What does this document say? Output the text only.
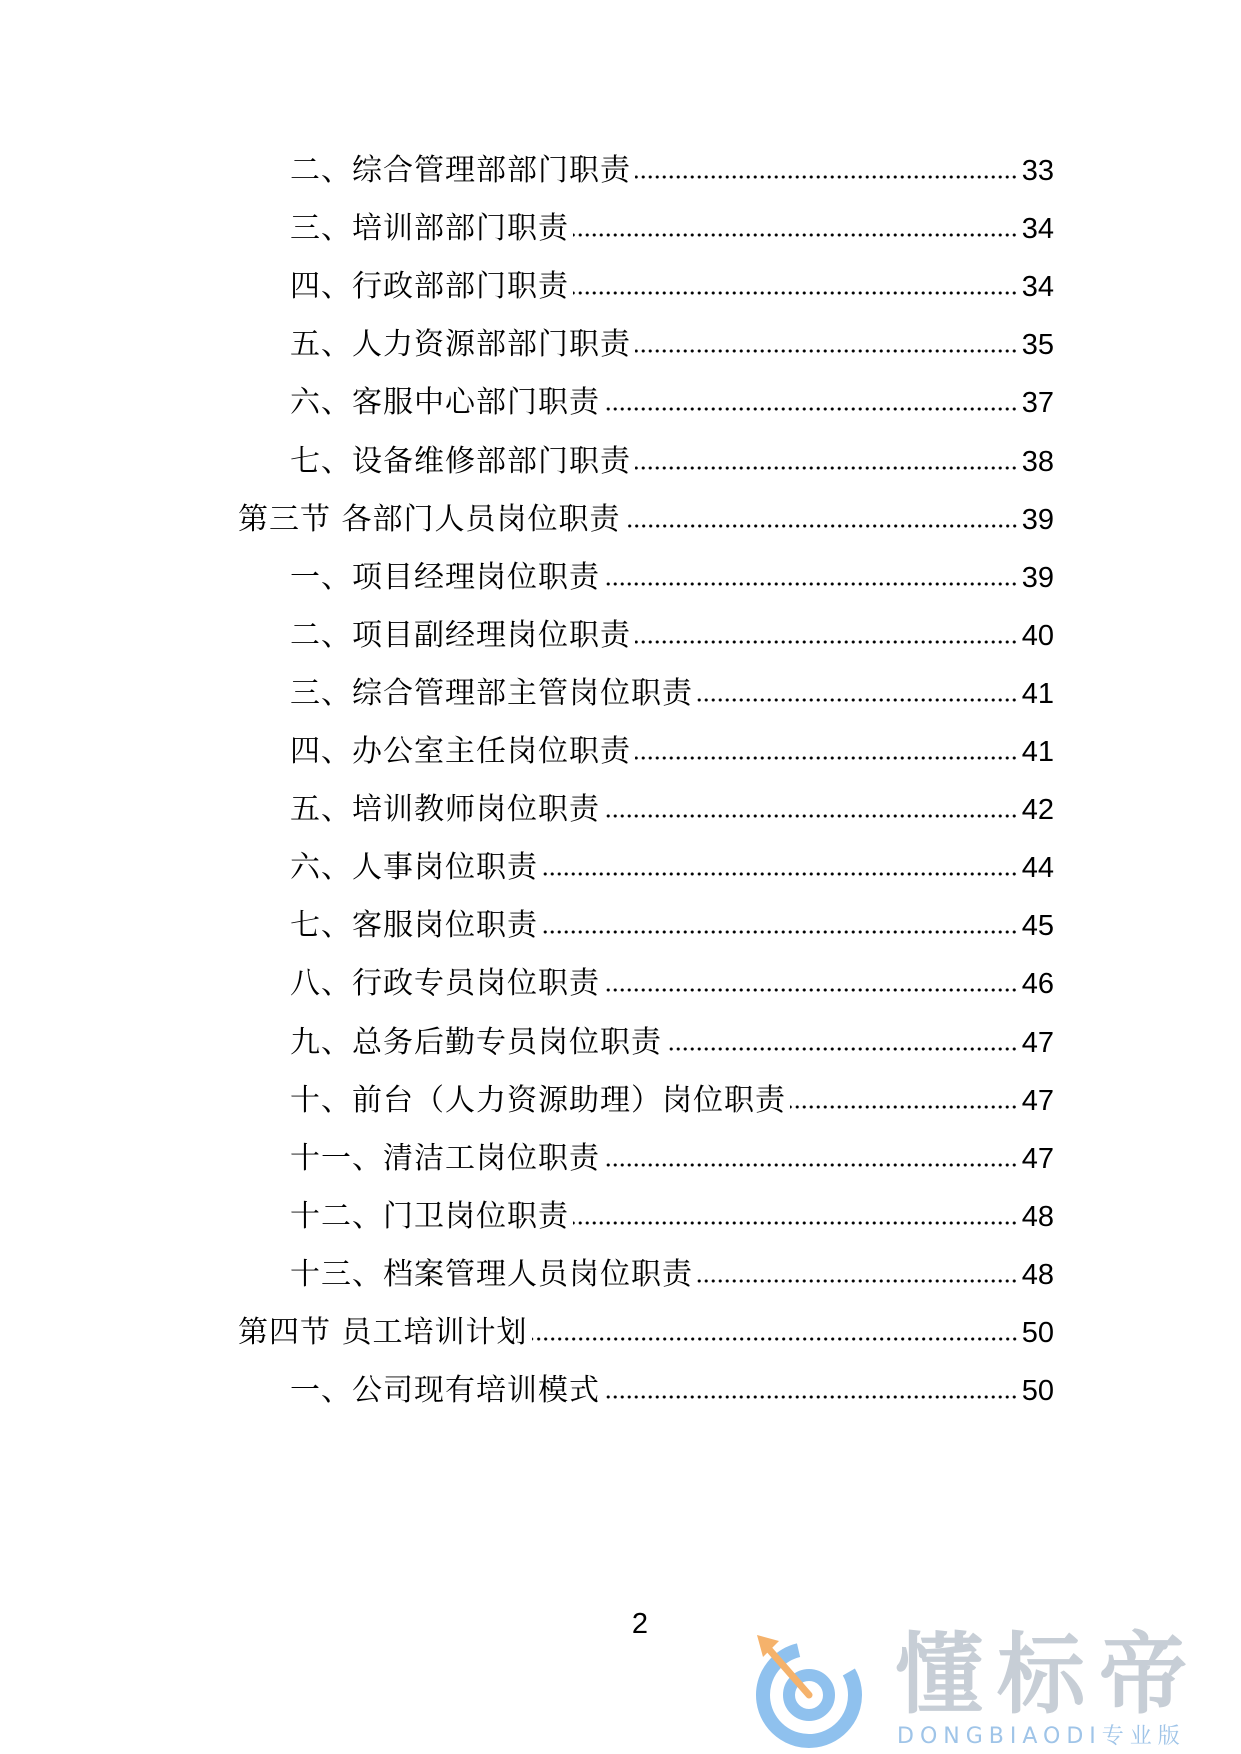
二、综合管理部部门职责	33
三、培训部部门职责	34
四、行政部部门职责	34
五、人力资源部部门职责	35
六、客服中心部门职责	37
七、设备维修部部门职责	38
第三节 各部门人员岗位职责	39
一、项目经理岗位职责	39
二、项目副经理岗位职责	40
三、综合管理部主管岗位职责	41
四、办公室主任岗位职责	41
五、培训教师岗位职责	42
六、人事岗位职责	44
七、客服岗位职责	45
八、行政专员岗位职责	46
九、总务后勤专员岗位职责	47
十、前台（人力资源助理）岗位职责	47
十一、清洁工岗位职责	47
十二、门卫岗位职责	48
十三、档案管理人员岗位职责	48
第四节 员工培训计划	50
一、公司现有培训模式	50
2	懂标帝
DONGBIAODI专业版
